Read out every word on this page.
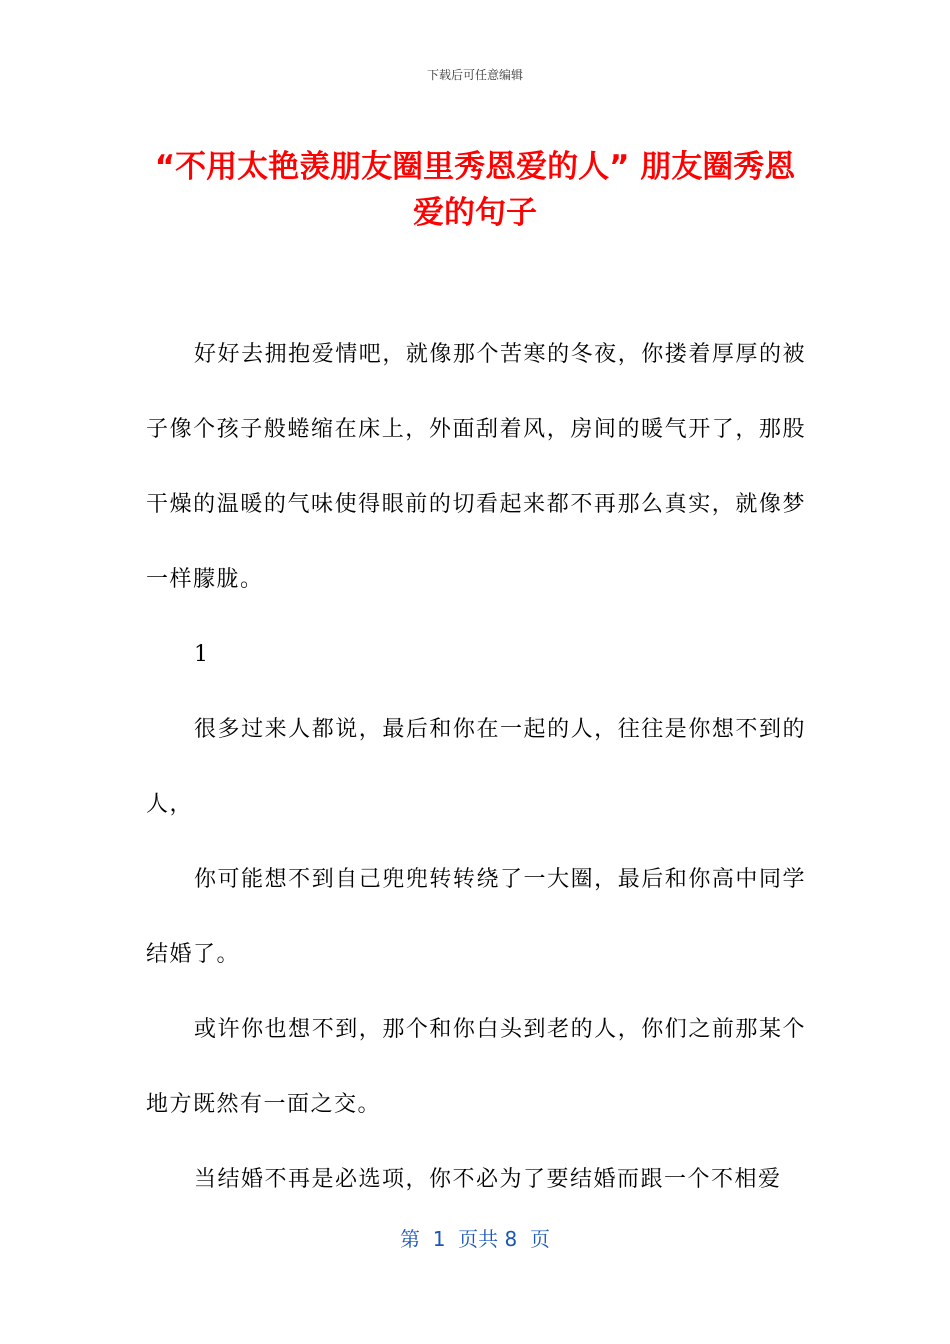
下载后可任意编辑
“不用太艳羡朋友圈里秀恩爱的人” 朋友圈秀恩爱的句子

好好去拥抱爱情吧，就像那个苦寒的冬夜，你搂着厚厚的被子像个孩子般蜷缩在床上，外面刮着风，房间的暖气开了，那股干燥的温暖的气味使得眼前的切看起来都不再那么真实，就像梦一样朦胧。

1

很多过来人都说，最后和你在一起的人，往往是你想不到的人，

你可能想不到自己兜兜转转绕了一大圈，最后和你高中同学结婚了。

或许你也想不到，那个和你白头到老的人，你们之前那某个地方既然有一面之交。

当结婚不再是必选项，你不必为了要结婚而跟一个不相爱

第  1  页共 8  页
